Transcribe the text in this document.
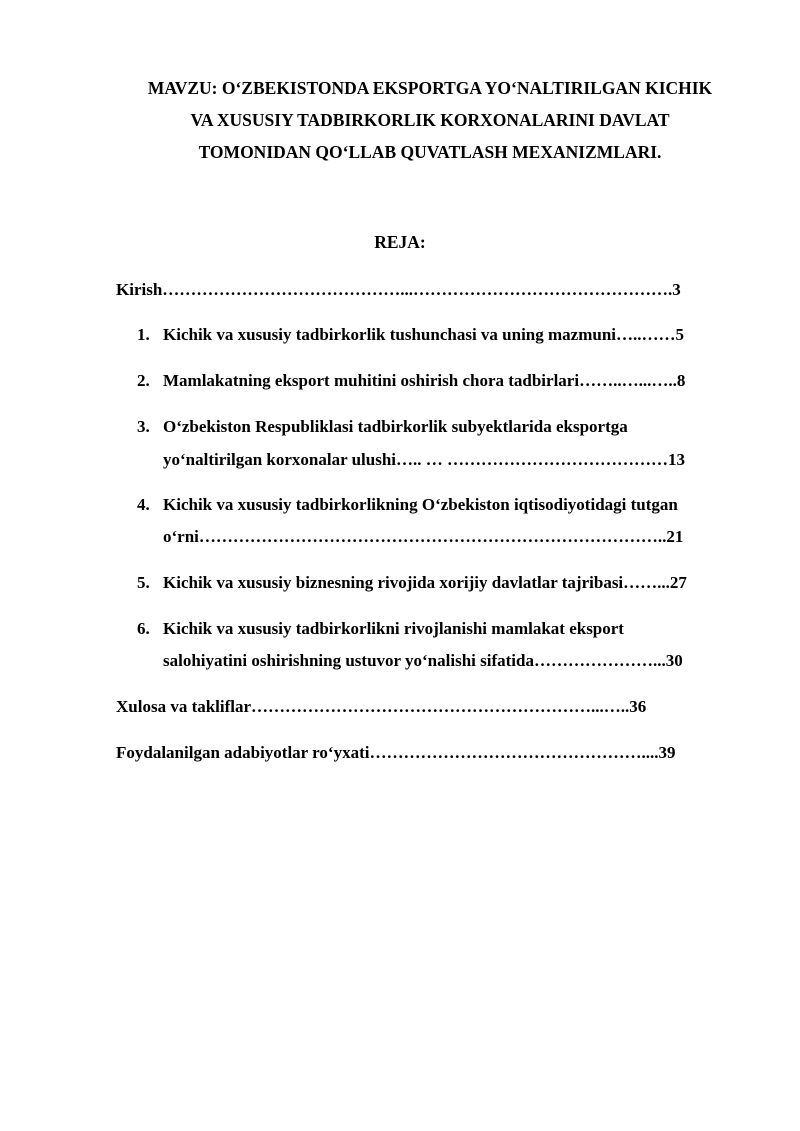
MAVZU: O‘ZBEKISTONDA EKSPORTGA YO‘NALTIRILGAN KICHIK
VA XUSUSIY TADBIRKORLIK KORXONALARINI DAVLAT
TOMONIDAN QO‘LLAB QUVATLASH MEXANIZMLARI.
REJA:
Kirish……………………………………...……………………………………….3
1. Kichik va xususiy tadbirkorlik tushunchasi va uning mazmuni…..……5
2. Mamlakatning eksport muhitini oshirish chora tadbirlari……..…...…..8
3. O‘zbekiston Respubliklasi tadbirkorlik subyektlarida eksportga
yo‘naltirilgan korxonalar ulushi….. … …………………………………13
4. Kichik va xususiy tadbirkorlikning O‘zbekiston iqtisodiyotidagi tutgan
o‘rni………………………………………………………………………..21
5. Kichik va xususiy biznesning rivojida xorijiy davlatlar tajribasi……...27
6. Kichik va xususiy tadbirkorlikni rivojlanishi mamlakat eksport
salohiyatini oshirishning ustuvor yo‘nalishi sifatida…………………...30
Xulosa va takliflar……………………………………………………...…..36
Foydalanilgan adabiyotlar ro‘yxati…………………………………………....39
